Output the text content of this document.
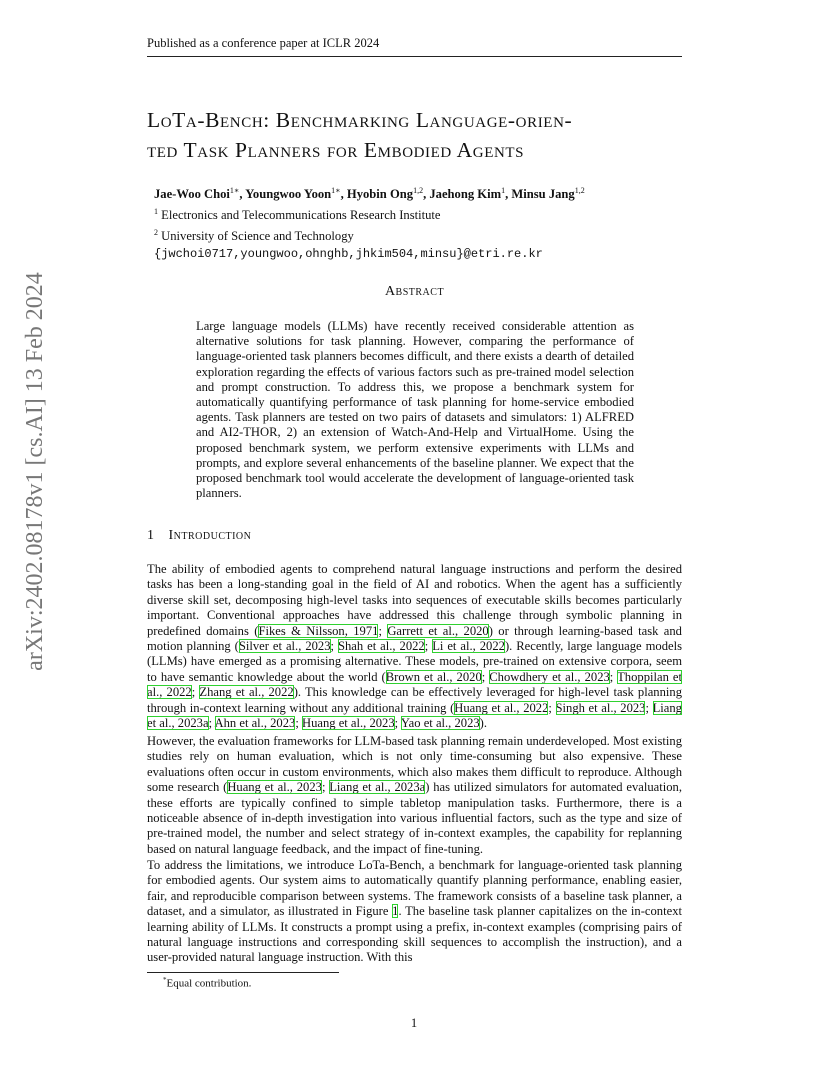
Published as a conference paper at ICLR 2024
arXiv:2402.08178v1 [cs.AI] 13 Feb 2024
LoTa-Bench: Benchmarking Language-orien-
ted Task Planners for Embodied Agents
Jae-Woo Choi$^{1∗}$, Youngwoo Yoon$^{1∗}$, Hyobin Ong$^{1,2}$, Jaehong Kim$^1$, Minsu Jang$^{1,2}$
$^1$ Electronics and Telecommunications Research Institute
$^2$ University of Science and Technology
{jwchoi0717,youngwoo,ohnghb,jhkim504,minsu}@etri.re.kr
Abstract

Large language models (LLMs) have recently received considerable attention as alternative solutions for task planning. However, comparing the performance of language-oriented task planners becomes difficult, and there exists a dearth of detailed exploration regarding the effects of various factors such as pre-trained model selection and prompt construction. To address this, we propose a benchmark system for automatically quantifying performance of task planning for home-service embodied agents. Task planners are tested on two pairs of datasets and simulators: 1) ALFRED and AI2-THOR, 2) an extension of Watch-And-Help and VirtualHome. Using the proposed benchmark system, we perform extensive experiments with LLMs and prompts, and explore several enhancements of the baseline planner. We expect that the proposed benchmark tool would accelerate the development of language-oriented task planners.

1 Introduction

The ability of embodied agents to comprehend natural language instructions and perform the desired tasks has been a long-standing goal in the field of AI and robotics. When the agent has a sufficiently diverse skill set, decomposing high-level tasks into sequences of executable skills becomes particularly important. Conventional approaches have addressed this challenge through symbolic planning in predefined domains (Fikes & Nilsson, 1971; Garrett et al., 2020) or through learning-based task and motion planning (Silver et al., 2023; Shah et al., 2022; Li et al., 2022). Recently, large language models (LLMs) have emerged as a promising alternative. These models, pre-trained on extensive corpora, seem to have semantic knowledge about the world (Brown et al., 2020; Chowdhery et al., 2023; Thoppilan et al., 2022; Zhang et al., 2022). This knowledge can be effectively leveraged for high-level task planning through in-context learning without any additional training (Huang et al., 2022; Singh et al., 2023; Liang et al., 2023a; Ahn et al., 2023; Huang et al., 2023; Yao et al., 2023).

However, the evaluation frameworks for LLM-based task planning remain underdeveloped. Most existing studies rely on human evaluation, which is not only time-consuming but also expensive. These evaluations often occur in custom environments, which also makes them difficult to reproduce. Although some research (Huang et al., 2023; Liang et al., 2023a) has utilized simulators for automated evaluation, these efforts are typically confined to simple tabletop manipulation tasks. Furthermore, there is a noticeable absence of in-depth investigation into various influential factors, such as the type and size of pre-trained model, the number and select strategy of in-context examples, the capability for replanning based on natural language feedback, and the impact of fine-tuning.

To address the limitations, we introduce LoTa-Bench, a benchmark for language-oriented task planning for embodied agents. Our system aims to automatically quantify planning performance, enabling easier, fair, and reproducible comparison between systems. The framework consists of a baseline task planner, a dataset, and a simulator, as illustrated in Figure 1. The baseline task planner capitalizes on the in-context learning ability of LLMs. It constructs a prompt using a prefix, in-context examples (comprising pairs of natural language instructions and corresponding skill sequences to accomplish the instruction), and a user-provided natural language instruction. With this

*Equal contribution.
1
